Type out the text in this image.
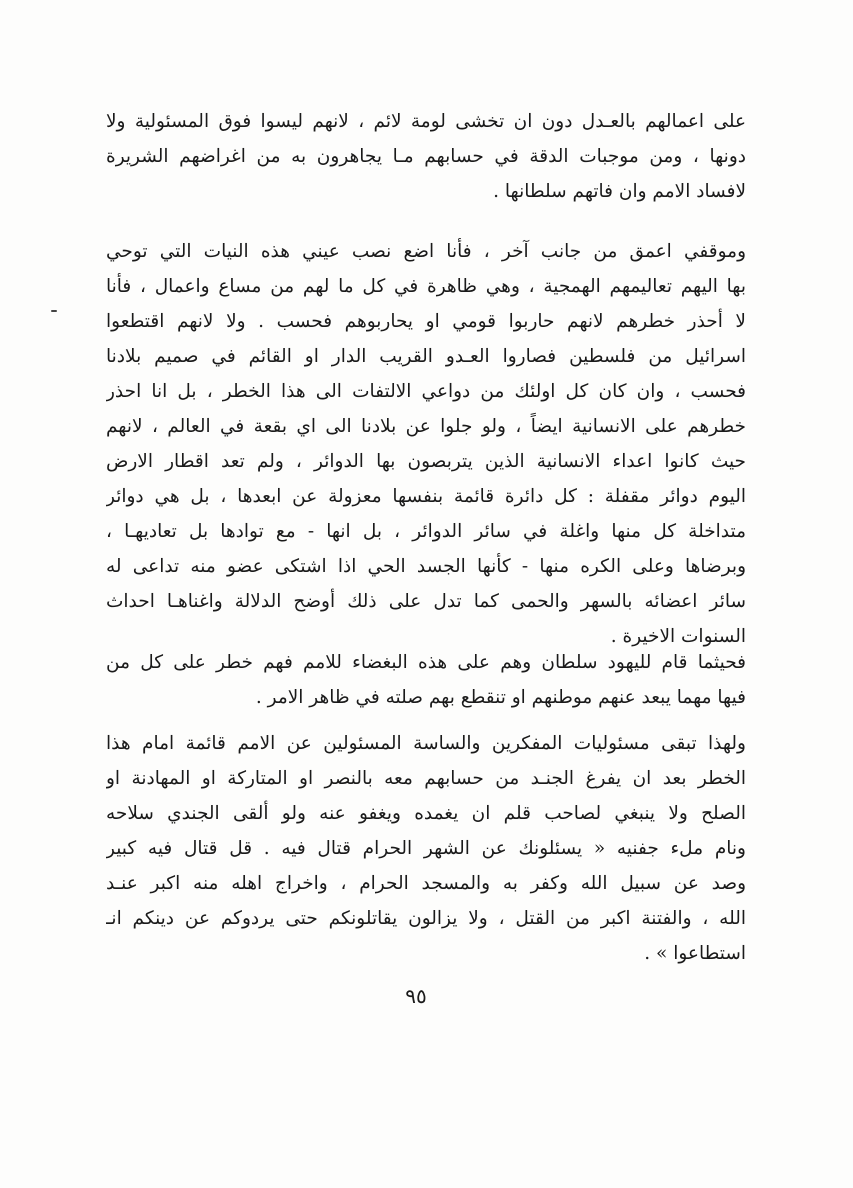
على اعمالهم بالعـدل دون ان تخشى لومة لائم ، لانهم ليسوا فوق المسئولية ولا
دونها ، ومن موجبات الدقة في حسابهم مـا يجاهرون به من اغراضهم الشريرة
لافساد الامم وان فاتهم سلطانها .
وموقفي اعمق من جانب آخر ، فأنا اضع نصب عيني هذه النيات التي توحي
بها اليهم تعاليمهم الهمجية ، وهي ظاهرة في كل ما لهم من مساع واعمال ، فأنا
لا أحذر خطرهم لانهم حاربوا قومي او يحاربوهم فحسب . ولا لانهم اقتطعوا
اسرائيل من فلسطين فصاروا العـدو القريب الدار او القائم في صميم بلادنا
فحسب ، وان كان كل اولئك من دواعي الالتفات الى هذا الخطر ، بل انا احذر
خطرهم على الانسانية ايضاً ، ولو جلوا عن بلادنا الى اي بقعة في العالم ، لانهم
حيث كانوا اعداء الانسانية الذين يتربصون بها الدوائر ، ولم تعد اقطار الارض
اليوم دوائر مقفلة : كل دائرة قائمة بنفسها معزولة عن ابعدها ، بل هي دوائر
متداخلة كل منها واغلة في سائر الدوائر ، بل انها - مع توادها بل تعاديهـا ،
وبرضاها وعلى الكره منها - كأنها الجسد الحي اذا اشتكى عضو منه تداعى له
سائر اعضائه بالسهر والحمى كما تدل على ذلك أوضح الدلالة واغناهـا احداث
السنوات الاخيرة .
فحيثما قام لليهود سلطان وهم على هذه البغضاء للامم فهم خطر على كل من
فيها مهما يبعد عنهم موطنهم او تنقطع بهم صلته في ظاهر الامر .
ولهذا تبقى مسئوليات المفكرين والساسة المسئولين عن الامم قائمة امام هذا
الخطر بعد ان يفرغ الجنـد من حسابهم معه بالنصر او المتاركة او المهادنة او
الصلح ولا ينبغي لصاحب قلم ان يغمده ويغفو عنه ولو ألقى الجندي سلاحه
ونام ملء جفنيه « يسئلونك عن الشهر الحرام قتال فيه . قل قتال فيه كبير
وصد عن سبيل الله وكفر به والمسجد الحرام ، واخراج اهله منه اكبر عنـد
الله ، والفتنة اكبر من القتل ، ولا يزالون يقاتلونكم حتى يردوكم عن دينكم انـ
استطاعوا » .
٩٥
